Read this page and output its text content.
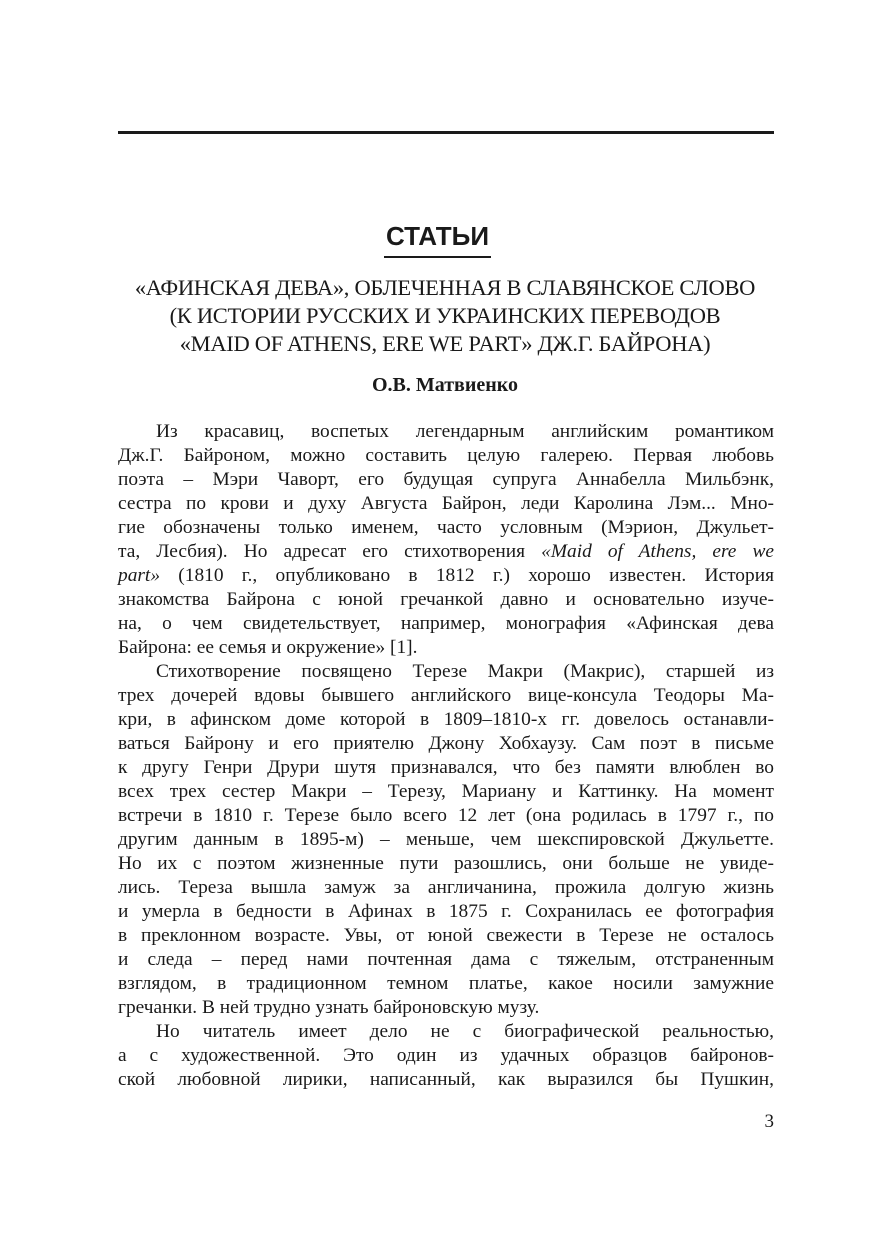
СТАТЬИ
«АФИНСКАЯ ДЕВА», ОБЛЕЧЕННАЯ В СЛАВЯНСКОЕ СЛОВО
(К ИСТОРИИ РУССКИХ И УКРАИНСКИХ ПЕРЕВОДОВ
«MAID OF ATHENS, ERE WE PART» ДЖ.Г. БАЙРОНА)
О.В. Матвиенко
Из красавиц, воспетых легендарным английским романтиком
Дж.Г. Байроном, можно составить целую галерею. Первая любовь
поэта – Мэри Чаворт, его будущая супруга Аннабелла Мильбэнк,
сестра по крови и духу Августа Байрон, леди Каролина Лэм... Мно-
гие обозначены только именем, часто условным (Мэрион, Джульет-
та, Лесбия). Но адресат его стихотворения «Maid of Athens, ere we
part» (1810 г., опубликовано в 1812 г.) хорошо известен. История
знакомства Байрона с юной гречанкой давно и основательно изуче-
на, о чем свидетельствует, например, монография «Афинская дева
Байрона: ее семья и окружение» [1].
Стихотворение посвящено Терезе Макри (Макрис), старшей из
трех дочерей вдовы бывшего английского вице-консула Теодоры Ма-
кри, в афинском доме которой в 1809–1810-х гг. довелось останавли-
ваться Байрону и его приятелю Джону Хобхаузу. Сам поэт в письме
к другу Генри Друри шутя признавался, что без памяти влюблен во
всех трех сестер Макри – Терезу, Мариану и Каттинку. На момент
встречи в 1810 г. Терезе было всего 12 лет (она родилась в 1797 г., по
другим данным в 1895-м) – меньше, чем шекспировской Джульетте.
Но их с поэтом жизненные пути разошлись, они больше не увиде-
лись. Тереза вышла замуж за англичанина, прожила долгую жизнь
и умерла в бедности в Афинах в 1875 г. Сохранилась ее фотография
в преклонном возрасте. Увы, от юной свежести в Терезе не осталось
и следа – перед нами почтенная дама с тяжелым, отстраненным
взглядом, в традиционном темном платье, какое носили замужние
гречанки. В ней трудно узнать байроновскую музу.
Но читатель имеет дело не с биографической реальностью,
а с художественной. Это один из удачных образцов байронов-
ской любовной лирики, написанный, как выразился бы Пушкин,
3
